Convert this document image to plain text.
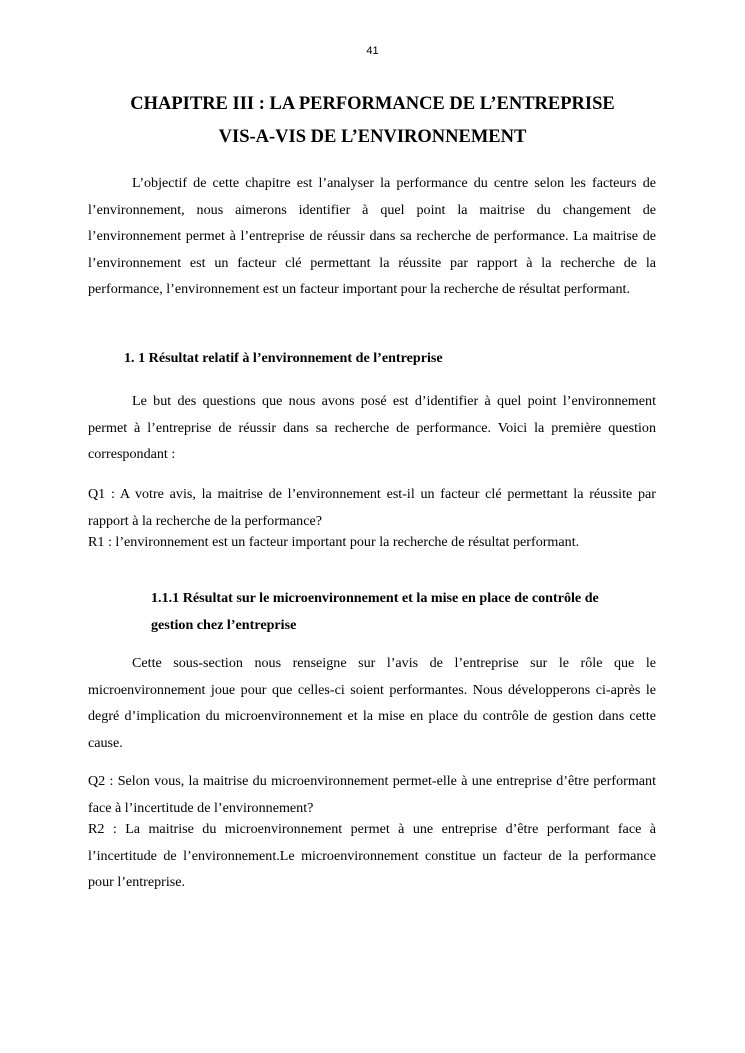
41
CHAPITRE III : LA PERFORMANCE DE L’ENTREPRISE
VIS-A-VIS DE L’ENVIRONNEMENT

L’objectif de cette chapitre est l’analyser la performance du centre selon les facteurs de l’environnement, nous aimerons identifier à quel point la maitrise du changement de l’environnement permet à l’entreprise de réussir dans sa recherche de performance. La maitrise de l’environnement est un facteur clé permettant la réussite par rapport à la recherche de la performance, l’environnement est un facteur important pour la recherche de résultat performant.

1. 1 Résultat relatif à l’environnement de l’entreprise

Le but des questions que nous avons posé est d’identifier à quel point l’environnement permet à l’entreprise de réussir dans sa recherche de performance. Voici la première question correspondant :

Q1 : A votre avis, la maitrise de l’environnement est-il un facteur clé permettant la réussite par rapport à la recherche de la performance?
R1 : l’environnement est un facteur important pour la recherche de résultat performant.
1.1.1 Résultat sur le microenvironnement et la mise en place de contrôle de
gestion chez l’entreprise

Cette sous-section nous renseigne sur l’avis de l’entreprise sur le rôle que le microenvironnement joue pour que celles-ci soient performantes. Nous développerons ci-après le degré d’implication du microenvironnement et la mise en place du contrôle de gestion dans cette cause.

Q2 : Selon vous, la maitrise du microenvironnement permet-elle à une entreprise d’être performant face à l’incertitude de l’environnement?
R2 : La maitrise du microenvironnement permet à une entreprise d’être performant face à l’incertitude de l’environnement.Le microenvironnement constitue un facteur de la performance pour l’entreprise.
